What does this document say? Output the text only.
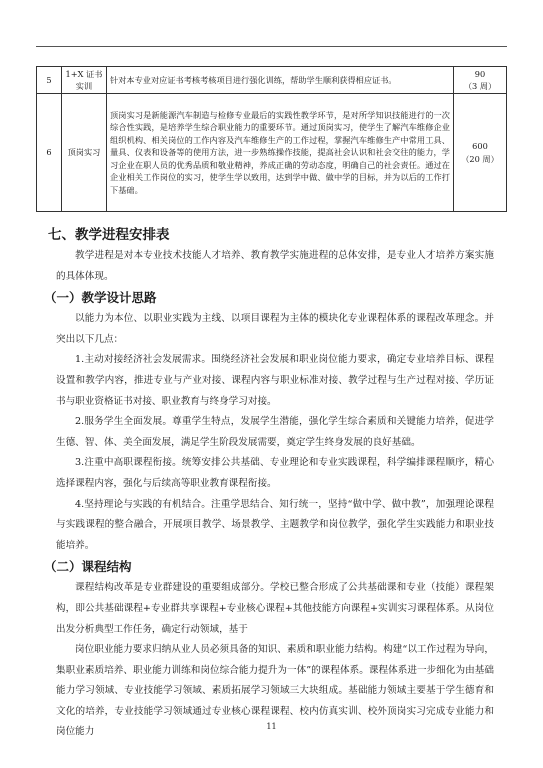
5	1+X 证书实训	针对本专业对应证书考核考核项目进行强化训练，帮助学生顺利获得相应证书。	90
（3 周）

6	顶岗实习	顶岗实习是新能源汽车制造与检修专业最后的实践性教学环节，是对所学知识技能进行的一次综合性实践，是培养学生综合职业能力的重要环节。通过顶岗实习，使学生了解汽车维修企业组织机构、相关岗位的工作内容及汽车维修生产的工作过程，掌握汽车维修生产中常用工具、量具、仪表和设备等的使用方法，进一步熟练操作技能，提高社会认识和社会交往的能力，学习企业在职人员的优秀品质和敬业精神，养成正确的劳动态度，明确自己的社会责任。通过在企业相关工作岗位的实习，使学生学以致用，达到学中做、做中学的目标，并为以后的工作打下基础。	600
（20 周）
七、教学进程安排表

教学进程是对本专业技术技能人才培养、教育教学实施进程的总体安排，是专业人才培养方案实施的具体体现。

（一）教学设计思路

以能力为本位、以职业实践为主线、以项目课程为主体的模块化专业课程体系的课程改革理念。并突出以下几点：

1.主动对接经济社会发展需求。围绕经济社会发展和职业岗位能力要求，确定专业培养目标、课程设置和教学内容，推进专业与产业对接、课程内容与职业标准对接、教学过程与生产过程对接、学历证书与职业资格证书对接、职业教育与终身学习对接。

2.服务学生全面发展。尊重学生特点，发展学生潜能，强化学生综合素质和关键能力培养，促进学生德、智、体、美全面发展，满足学生阶段发展需要，奠定学生终身发展的良好基础。

3.注重中高职课程衔接。统筹安排公共基础、专业理论和专业实践课程，科学编排课程顺序，精心选择课程内容，强化与后续高等职业教育课程衔接。

4.坚持理论与实践的有机结合。注重学思结合、知行统一，坚持“做中学、做中教”，加强理论课程与实践课程的整合融合，开展项目教学、场景教学、主题教学和岗位教学，强化学生实践能力和职业技能培养。

（二）课程结构

课程结构改革是专业群建设的重要组成部分。学校已整合形成了公共基础课和专业（技能）课程架构，即公共基础课程+专业群共享课程+专业核心课程+其他技能方向课程+实训实习课程体系。从岗位出发分析典型工作任务，确定行动领域，基于

岗位职业能力要求归纳从业人员必须具备的知识、素质和职业能力结构。构建“以工作过程为导向，集职业素质培养、职业能力训练和岗位综合能力提升为一体”的课程体系。课程体系进一步细化为由基础能力学习领域、专业技能学习领域、素质拓展学习领域三大块组成。基础能力领域主要基于学生德育和文化的培养，专业技能学习领域通过专业核心课程课程、校内仿真实训、校外顶岗实习完成专业能力和岗位能力	11
